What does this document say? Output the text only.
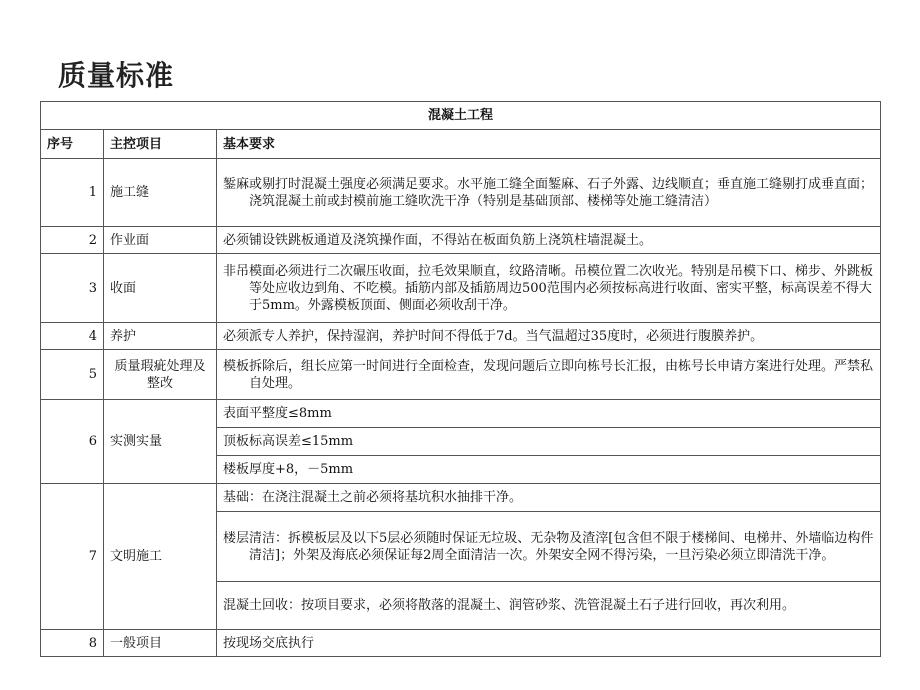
质量标准
混凝土工程		
序号	主控项目	基本要求
1	施工缝	錾麻或剔打时混凝土强度必须满足要求。水平施工缝全面錾麻、石子外露、边线顺直；垂直施工缝剔打成垂直面；浇筑混凝土前或封模前施工缝吹洗干净（特别是基础顶部、楼梯等处施工缝清洁）

2	作业面	必须铺设铁跳板通道及浇筑操作面，不得站在板面负筋上浇筑柱墙混凝土。

3	收面	非吊模面必须进行二次碾压收面，拉毛效果顺直，纹路清晰。吊模位置二次收光。特别是吊模下口、梯步、外跳板等处应收边到角、不吃模。插筋内部及插筋周边500范围内必须按标高进行收面、密实平整，标高误差不得大于5mm。外露模板顶面、侧面必须收刮干净。

4	养护	必须派专人养护，保持湿润，养护时间不得低于7d。当气温超过35度时，必须进行腹膜养护。

5	质量瑕疵处理及整改	模板拆除后，组长应第一时间进行全面检查，发现问题后立即向栋号长汇报，由栋号长申请方案进行处理。严禁私自处理。

6	实测实量	表面平整度≤8mm
		顶板标高误差≤15mm
		楼板厚度+8，－5mm
7	文明施工	基础：在浇注混凝土之前必须将基坑积水抽排干净。

		楼层清洁：拆模板层及以下5层必须随时保证无垃圾、无杂物及渣滓[包含但不限于楼梯间、电梯井、外墙临边构件清洁]；外架及海底必须保证每2周全面清洁一次。外架安全网不得污染，一旦污染必须立即清洗干净。

		混凝土回收：按项目要求，必须将散落的混凝土、润管砂浆、洗管混凝土石子进行回收，再次利用。

8	一般项目	按现场交底执行
